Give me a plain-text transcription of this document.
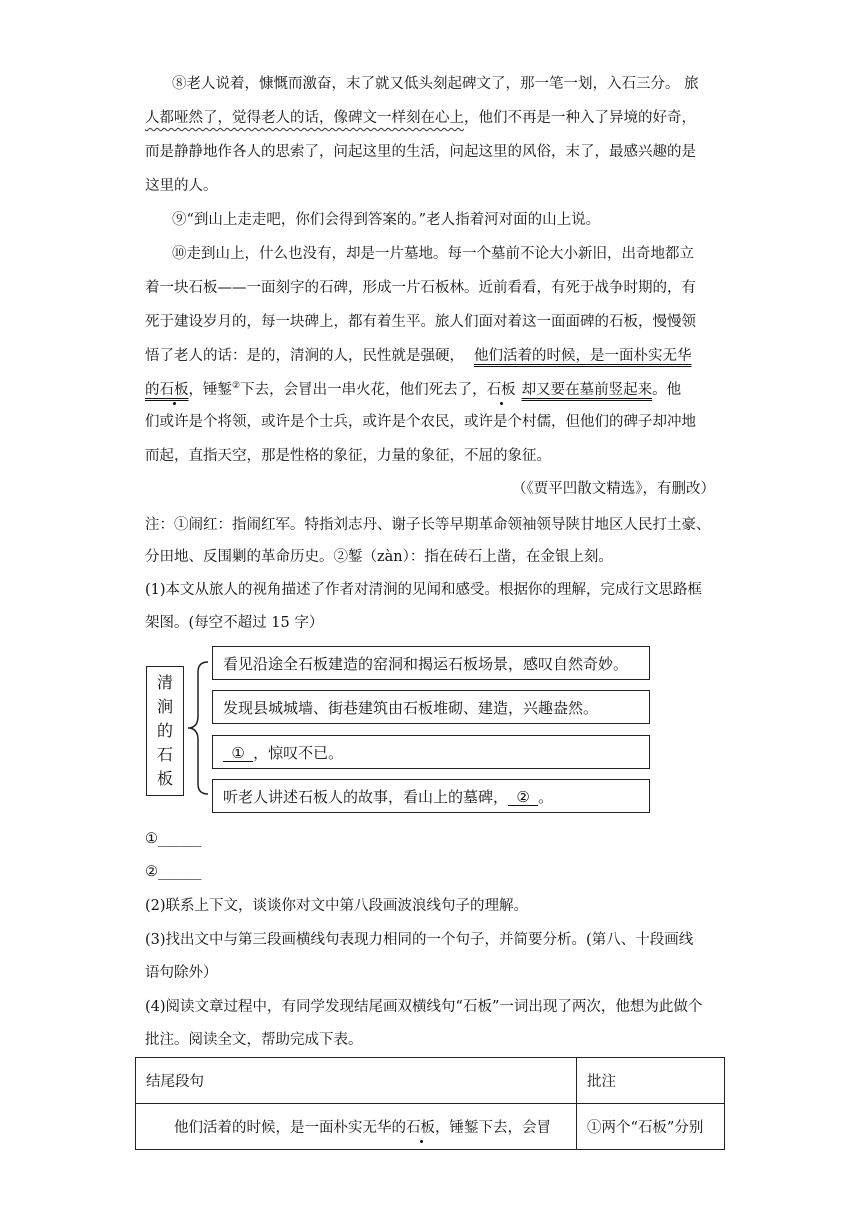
⑧老人说着，慷慨而激奋，末了就又低头刻起碑文了，那一笔一划，入石三分。 旅
人都哑然了，觉得老人的话，像碑文一样刻在心上，他们不再是一种入了异境的好奇，
而是静静地作各人的思索了，问起这里的生活，问起这里的风俗，末了，最感兴趣的是
这里的人。
⑨“到山上走走吧，你们会得到答案的。”老人指着河对面的山上说。
⑩走到山上，什么也没有，却是一片墓地。每一个墓前不论大小新旧，出奇地都立
着一块石板——一面刻字的石碑，形成一片石板林。近前看看，有死于战争时期的，有
死于建设岁月的，每一块碑上，都有着生平。旅人们面对着这一面面碑的石板，慢慢领
悟了老人的话：是的，清涧的人，民性就是强硬， 他们活着的时候，是一面朴实无华
的石板，锤錾②下去，会冒出一串火花，他们死去了，石板 却又要在墓前竖起来。他
们或许是个将领，或许是个士兵，或许是个农民，或许是个村儒，但他们的碑子却冲地
而起，直指天空，那是性格的象征，力量的象征，不屈的象征。
（《贾平凹散文精选》，有删改）
注：①闹红：指闹红军。特指刘志丹、谢子长等早期革命领袖领导陕甘地区人民打土豪、
分田地、反围剿的革命历史。②錾（zàn）：指在砖石上凿，在金银上刻。
(1)本文从旅人的视角描述了作者对清涧的见闻和感受。根据你的理解，完成行文思路框
架图。(每空不超过 15 字）
清
涧
的
石
板
看见沿途全石板建造的窑洞和揭运石板场景，感叹自然奇妙。
发现县城城墙、街巷建筑由石板堆砌、建造，兴趣盎然。
①  ，惊叹不已。
听老人讲述石板人的故事，看山上的墓碑，  ②  。
①______
②______
(2)联系上下文，谈谈你对文中第八段画波浪线句子的理解。
(3)找出文中与第三段画横线句表现力相同的一个句子，并简要分析。(第八、十段画线
语句除外）
(4)阅读文章过程中，有同学发现结尾画双横线句“石板”一词出现了两次，他想为此做个
批注。阅读全文，帮助完成下表。
结尾段句	批注
他们活着的时候，是一面朴实无华的石板，锤錾下去，会冒	①两个“石板”分别
